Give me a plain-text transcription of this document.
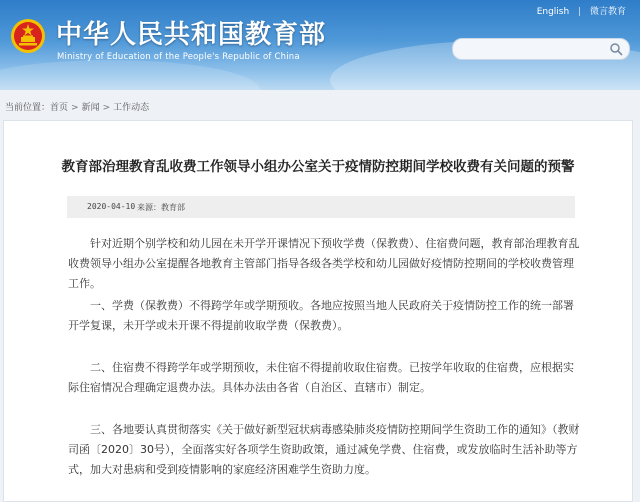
中华人民共和国教育部
Ministry of Education of the People's Republic of China
English | 微言教育
当前位置：首页 > 新闻 > 工作动态
教育部治理教育乱收费工作领导小组办公室关于疫情防控期间学校收费有关问题的预警
2020-04-10 来源： 教育部

针对近期个别学校和幼儿园在未开学开课情况下预收学费（保教费）、住宿费问题，教育部治理教育乱收费领导小组办公室提醒各地教育主管部门指导各级各类学校和幼儿园做好疫情防控期间的学校收费管理工作。

一、学费（保教费）不得跨学年或学期预收。各地应按照当地人民政府关于疫情防控工作的统一部署开学复课，未开学或未开课不得提前收取学费（保教费）。

二、住宿费不得跨学年或学期预收，未住宿不得提前收取住宿费。已按学年收取的住宿费，应根据实际住宿情况合理确定退费办法。具体办法由各省（自治区、直辖市）制定。

三、各地要认真贯彻落实《关于做好新型冠状病毒感染肺炎疫情防控期间学生资助工作的通知》（教财司函〔2020〕30号），全面落实好各项学生资助政策，通过减免学费、住宿费，或发放临时生活补助等方式，加大对患病和受到疫情影响的家庭经济困难学生资助力度。
